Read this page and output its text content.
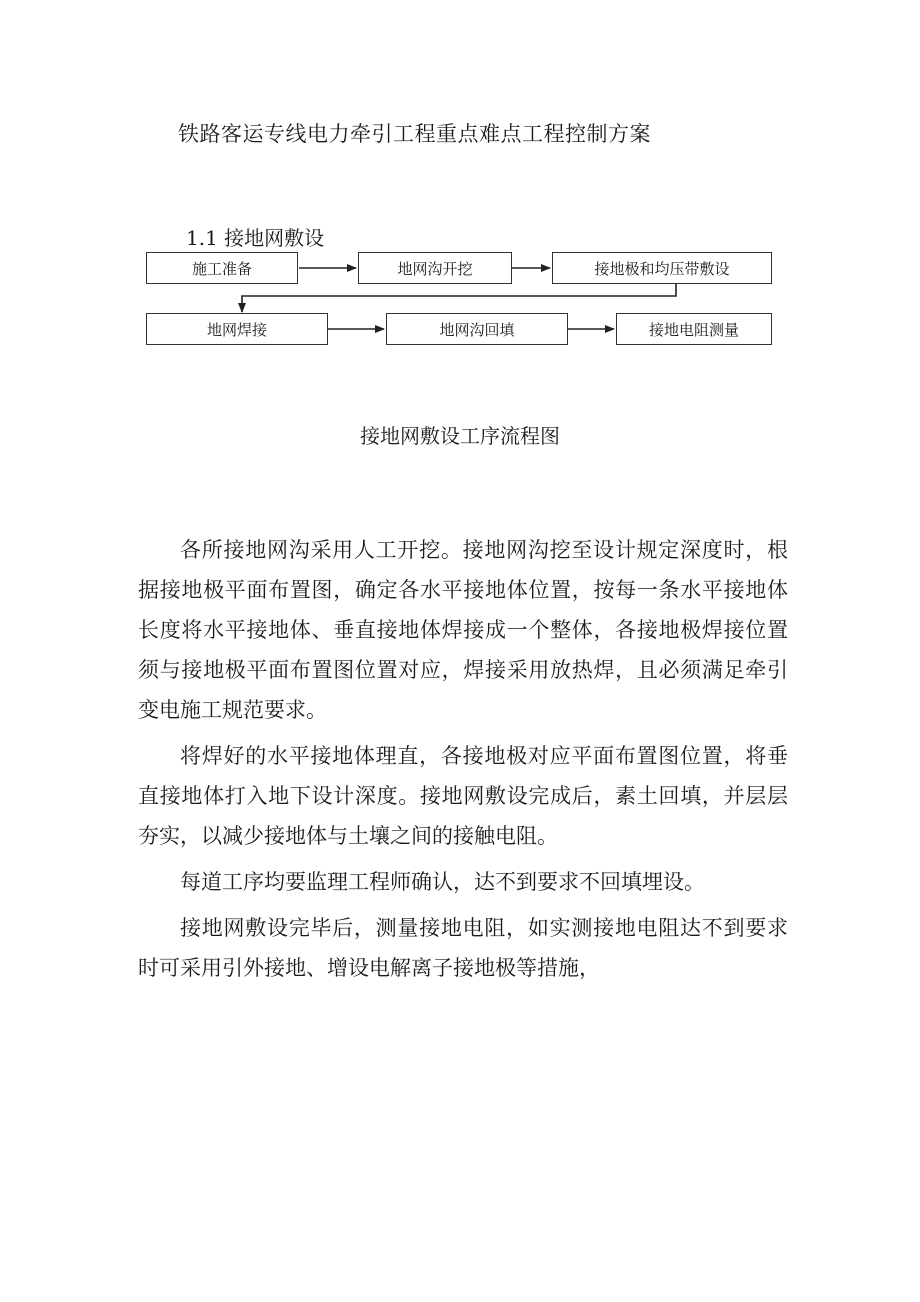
铁路客运专线电力牵引工程重点难点工程控制方案
1.1 接地网敷设
施工准备	地网沟开挖	接地极和均压带敷设
地网焊接	地网沟回填	接地电阻测量
接地网敷设工序流程图

各所接地网沟采用人工开挖。接地网沟挖至设计规定深度时，根据接地极平面布置图，确定各水平接地体位置，按每一条水平接地体长度将水平接地体、垂直接地体焊接成一个整体，各接地极焊接位置须与接地极平面布置图位置对应，焊接采用放热焊，且必须满足牵引变电施工规范要求。

将焊好的水平接地体理直，各接地极对应平面布置图位置，将垂直接地体打入地下设计深度。接地网敷设完成后，素土回填，并层层夯实，以减少接地体与土壤之间的接触电阻。

每道工序均要监理工程师确认，达不到要求不回填埋设。

接地网敷设完毕后，测量接地电阻，如实测接地电阻达不到要求时可采用引外接地、增设电解离子接地极等措施，
